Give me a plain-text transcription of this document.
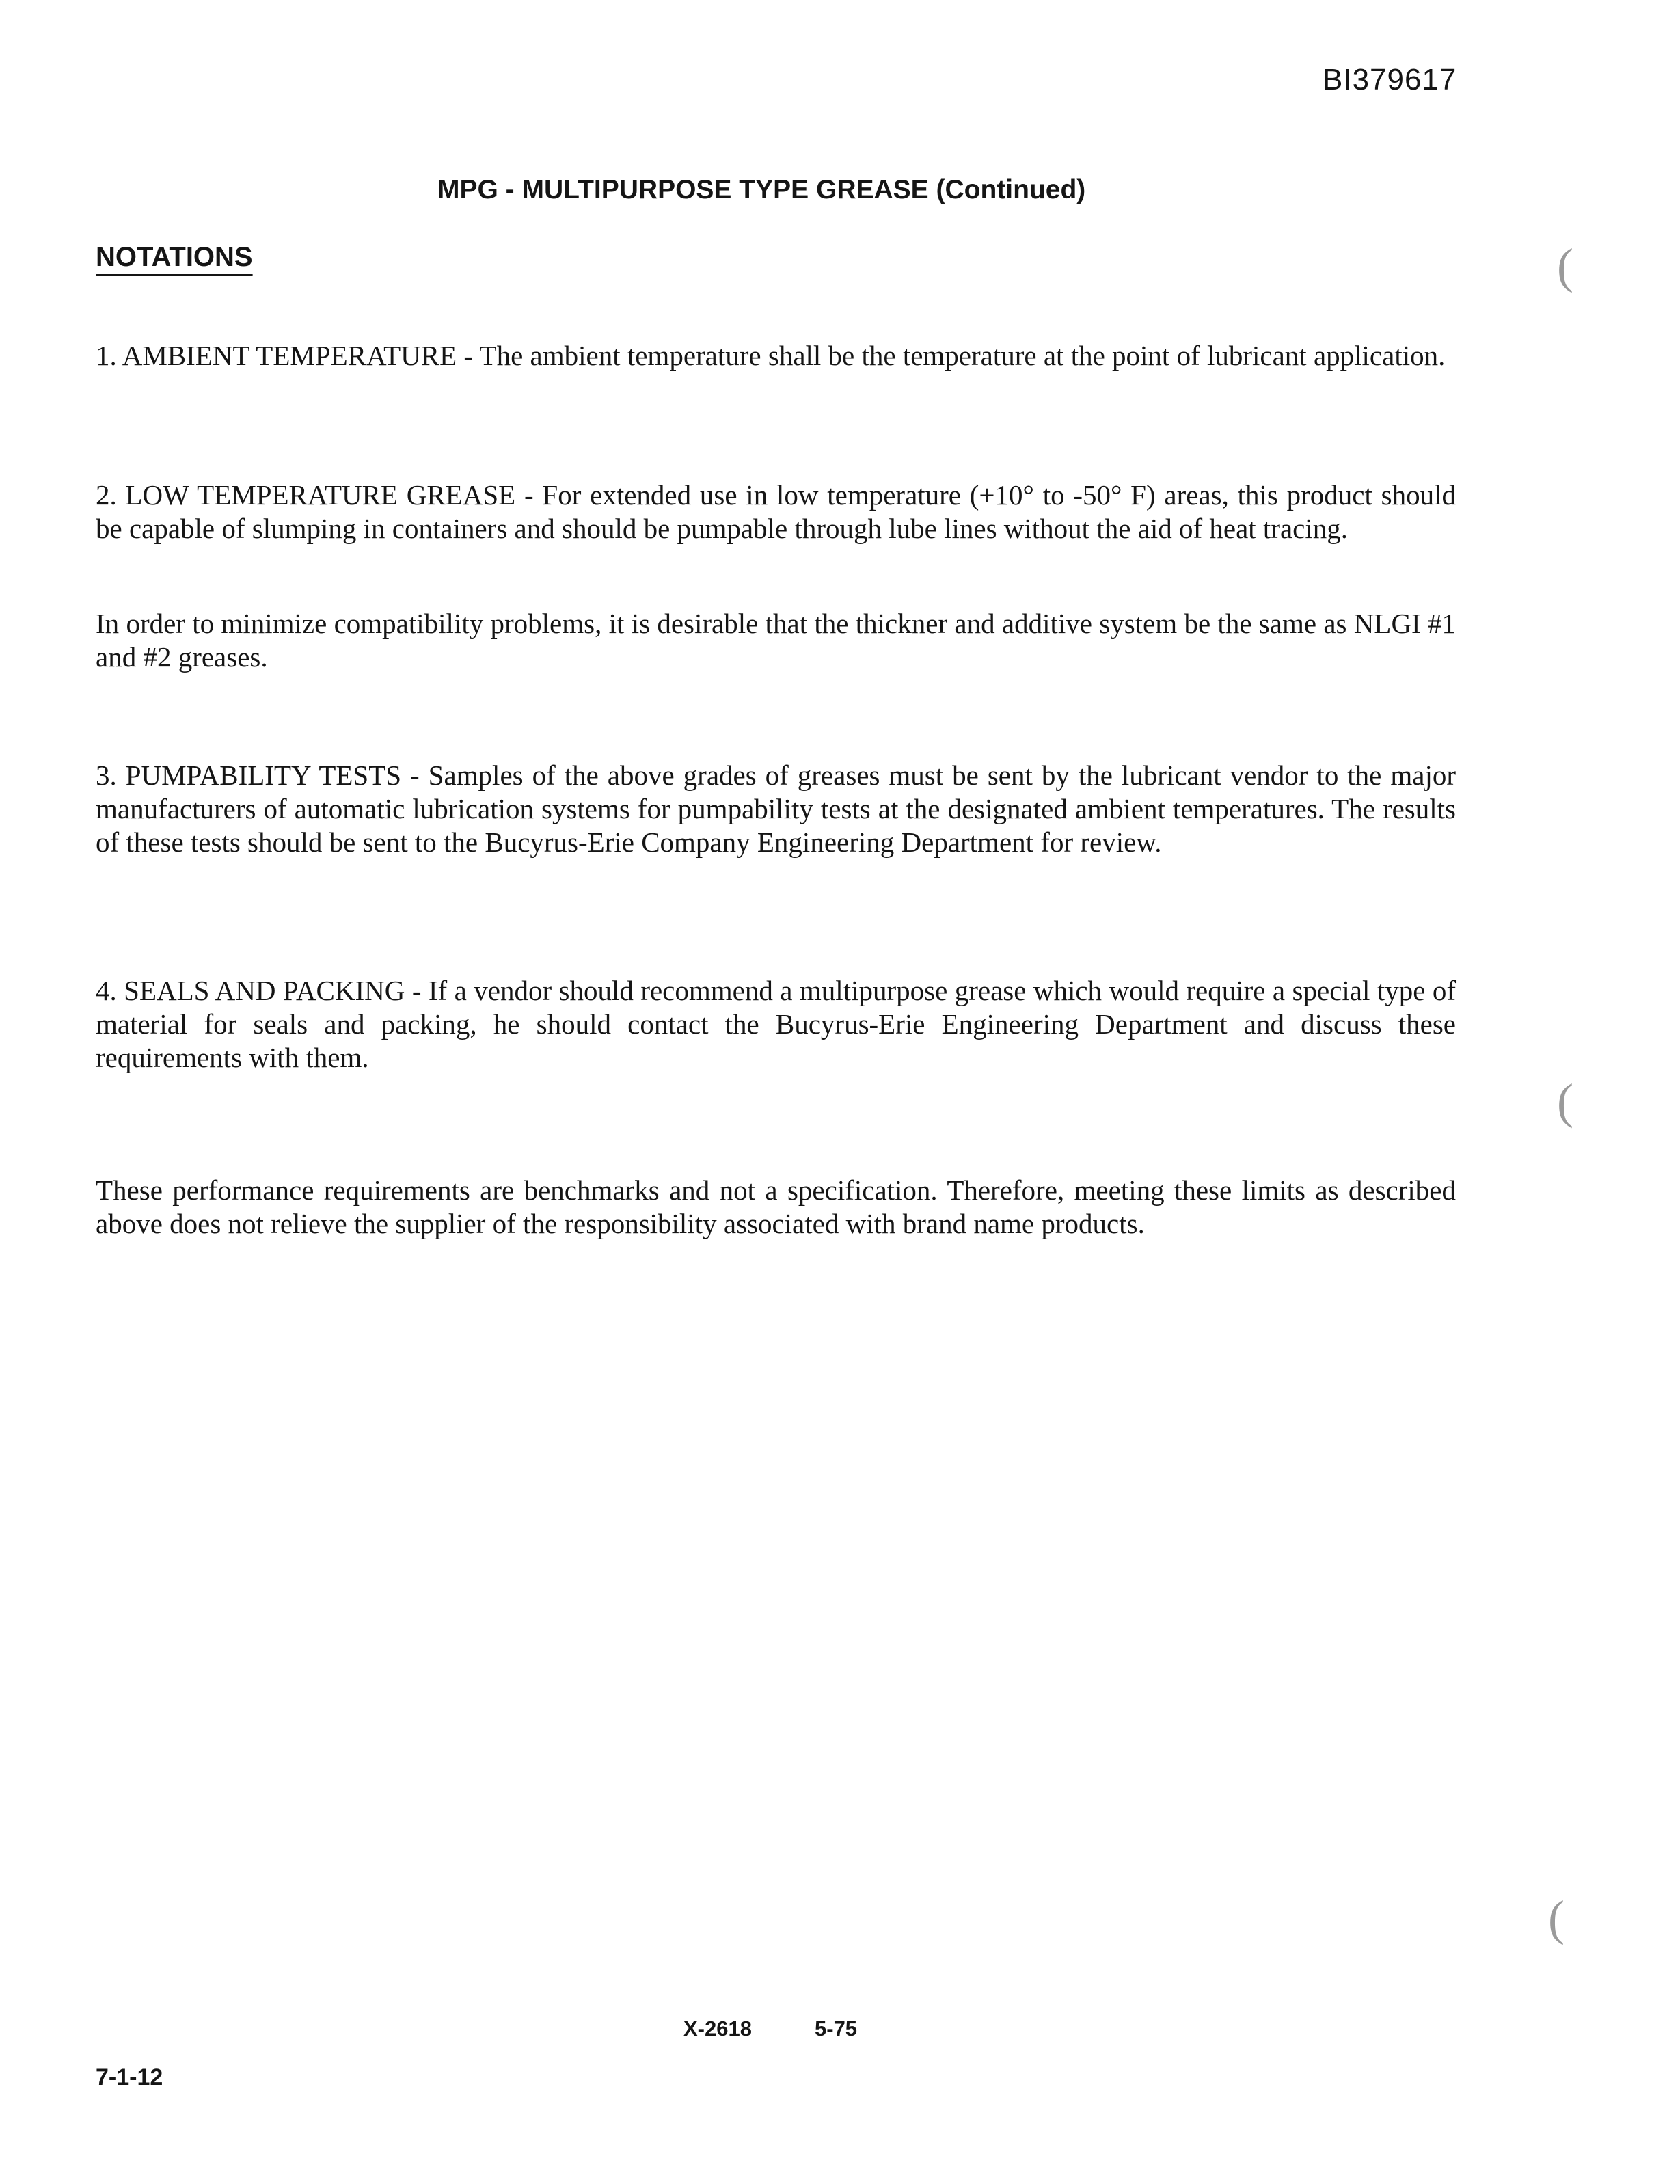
BI379617
MPG - MULTIPURPOSE TYPE GREASE (Continued)
NOTATIONS

1. AMBIENT TEMPERATURE - The ambient temperature shall be the temperature at the point of lubricant application.

2. LOW TEMPERATURE GREASE - For extended use in low temperature (+10° to -50° F) areas, this product should be capable of slumping in containers and should be pumpable through lube lines without the aid of heat tracing.

In order to minimize compatibility problems, it is desirable that the thickner and additive system be the same as NLGI #1 and #2 greases.

3. PUMPABILITY TESTS - Samples of the above grades of greases must be sent by the lubricant vendor to the major manufacturers of automatic lubrication systems for pumpability tests at the designated ambient temperatures. The results of these tests should be sent to the Bucyrus-Erie Company Engineering Department for review.

4. SEALS AND PACKING - If a vendor should recommend a multipurpose grease which would require a special type of material for seals and packing, he should contact the Bucyrus-Erie Engineering Department and discuss these requirements with them.

These performance requirements are benchmarks and not a specification. Therefore, meeting these limits as described above does not relieve the supplier of the responsibility associated with brand name products.

X-2618	5-75
7-1-12
(
(
(
